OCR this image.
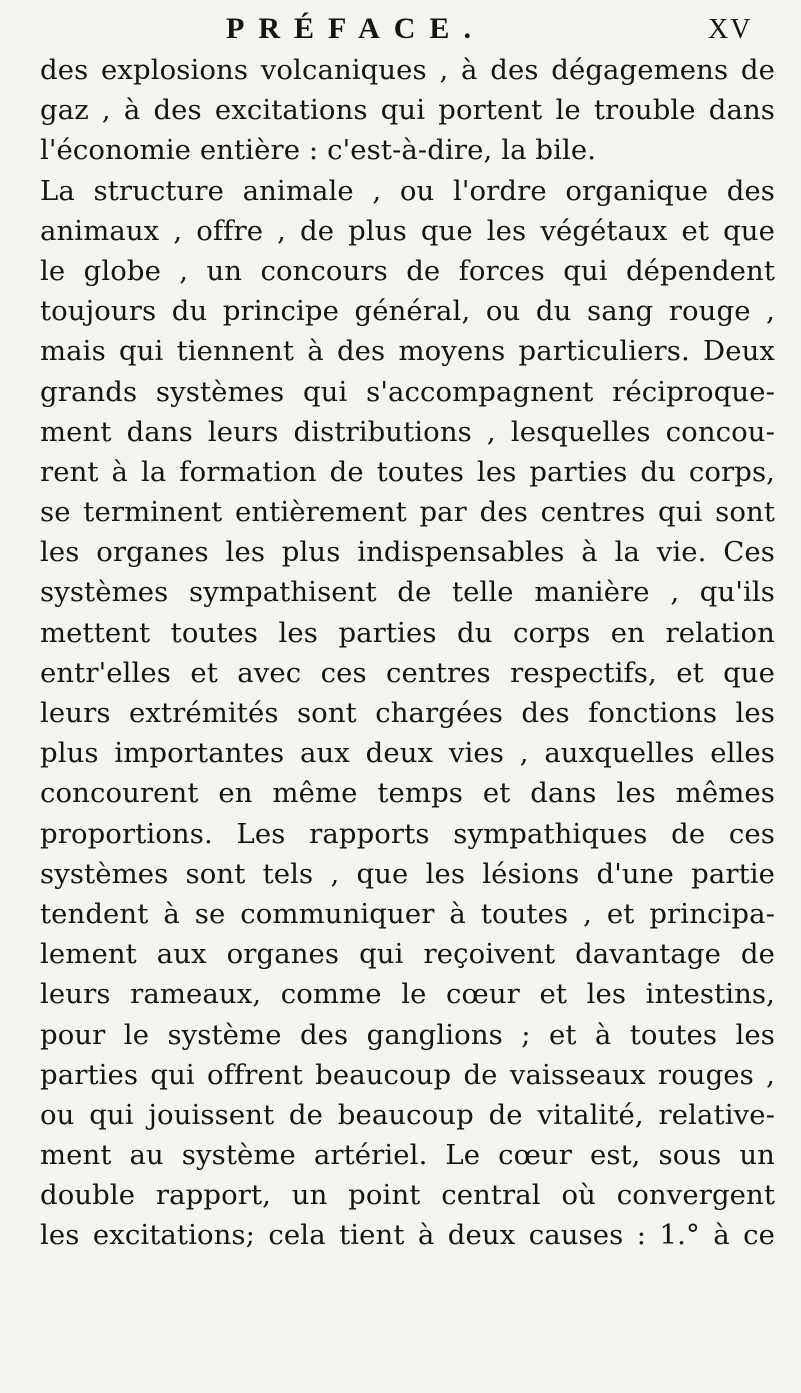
PRÉFACE.	XV
des explosions volcaniques , à des dégagemens de
gaz , à des excitations qui portent le trouble dans
l'économie entière : c'est-à-dire, la bile.
La structure animale , ou l'ordre organique des
animaux , offre , de plus que les végétaux et que
le globe , un concours de forces qui dépendent
toujours du principe général, ou du sang rouge ,
mais qui tiennent à des moyens particuliers. Deux
grands systèmes qui s'accompagnent réciproque-
ment dans leurs distributions , lesquelles concou-
rent à la formation de toutes les parties du corps,
se terminent entièrement par des centres qui sont
les organes les plus indispensables à la vie. Ces
systèmes sympathisent de telle manière , qu'ils
mettent toutes les parties du corps en relation
entr'elles et avec ces centres respectifs, et que
leurs extrémités sont chargées des fonctions les
plus importantes aux deux vies , auxquelles elles
concourent en même temps et dans les mêmes
proportions. Les rapports sympathiques de ces
systèmes sont tels , que les lésions d'une partie
tendent à se communiquer à toutes , et principa-
lement aux organes qui reçoivent davantage de
leurs rameaux, comme le cœur et les intestins,
pour le système des ganglions ; et à toutes les
parties qui offrent beaucoup de vaisseaux rouges ,
ou qui jouissent de beaucoup de vitalité, relative-
ment au système artériel. Le cœur est, sous un
double rapport, un point central où convergent
les excitations; cela tient à deux causes : 1.° à ce
